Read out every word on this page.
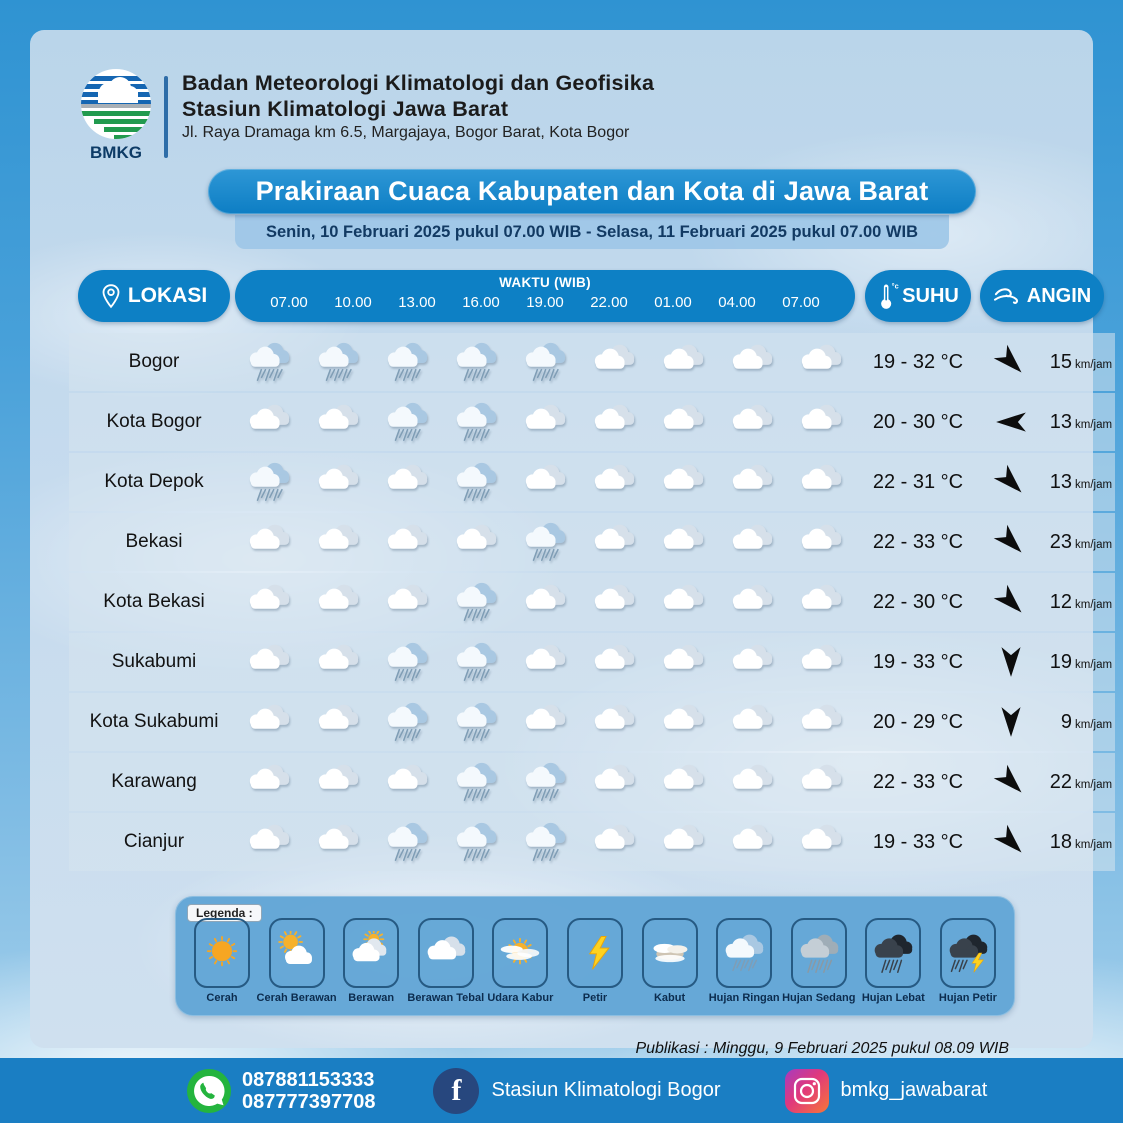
BMKG
Badan Meteorologi Klimatologi dan Geofisika
Stasiun Klimatologi Jawa Barat
Jl. Raya Dramaga km 6.5, Margajaya, Bogor Barat, Kota Bogor
Senin, 10 Februari 2025 pukul 07.00 WIB - Selasa, 11 Februari 2025 pukul 07.00 WIB
Prakiraan Cuaca Kabupaten dan Kota di Jawa Barat
LOKASI
WAKTU (WIB)
07.00	10.00	13.00	16.00	19.00	22.00	01.00	04.00	07.00
°c SUHU	ANGIN
Bogor	19 - 32 °C	15 km/jam
Kota Bogor	20 - 30 °C	13 km/jam
Kota Depok	22 - 31 °C	13 km/jam
Bekasi	22 - 33 °C	23 km/jam
Kota Bekasi	22 - 30 °C	12 km/jam
Sukabumi	19 - 33 °C	19 km/jam
Kota Sukabumi	20 - 29 °C	9 km/jam
Karawang	22 - 33 °C	22 km/jam
Cianjur	19 - 33 °C	18 km/jam
Legenda :
Cerah Cerah Berawan Berawan Berawan Tebal Udara Kabur	Petir	Kabut Hujan Ringan Hujan Sedang Hujan Lebat Hujan Petir
Publikasi : Minggu, 9 Februari 2025 pukul 08.09 WIB
087881153333
087777397708	f	Stasiun Klimatologi Bogor	bmkg_jawabarat
